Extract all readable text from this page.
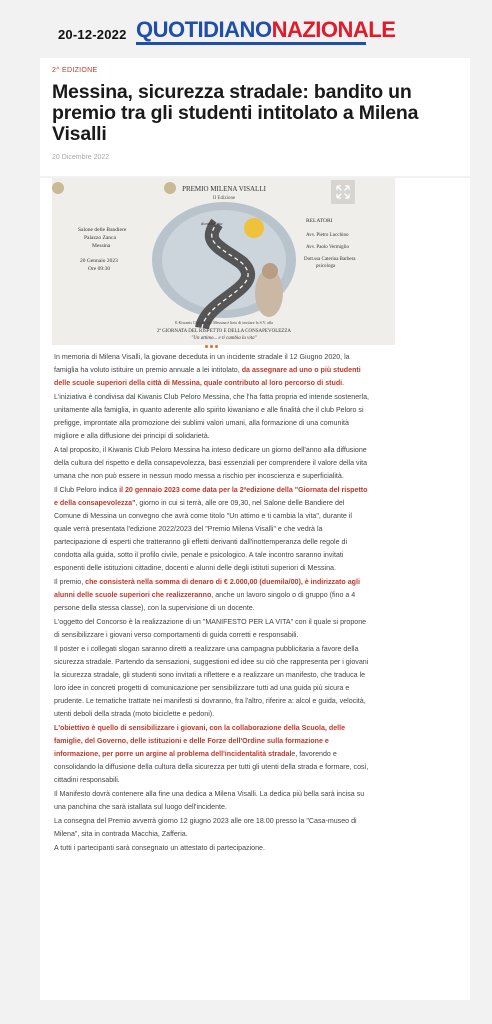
20-12-2022 QUOTIDIANONAZIONALE
2^ EDIZIONE
Messina, sicurezza stradale: bandito un premio tra gli studenti intitolato a Milena Visalli
20 Dicembre 2022
PREMIO MILENA VISALLI
II Edizione
dona la vita
Salone delle Bandiere
Palazzo Zanca
Messina
20 Gennaio 2023
Ore 09:30
RELATORI
Avv. Pietro Lucchino
Avv. Paolo Vermiglio
Dott.ssa Caterina Barbera
psicologa
Il Kiwanis Club Peloro Messina è lieto di invitare la S.V. alla
2ª GIORNATA DEL RISPETTO E DELLA CONSAPEVOLEZZA
"Un attimo... e ti cambia la vita"

In memoria di Milena Visalli, la giovane deceduta in un incidente stradale il 12 Giugno 2020, la famiglia ha voluto istituire un premio annuale a lei intitolato, da assegnare ad uno o più studenti delle scuole superiori della città di Messina, quale contributo al loro percorso di studi.

L'iniziativa è condivisa dal Kiwanis Club Peloro Messina, che l'ha fatta propria ed intende sostenerla, unitamente alla famiglia, in quanto aderente allo spirito kiwaniano e alle finalità che il club Peloro si prefigge, improntate alla promozione dei sublimi valori umani, alla formazione di una comunità migliore e alla diffusione dei principi di solidarietà.

A tal proposito, il Kiwanis Club Peloro Messina ha inteso dedicare un giorno dell'anno alla diffusione della cultura del rispetto e della consapevolezza, basi essenziali per comprendere il valore della vita umana che non può essere in nessun modo messa a rischio per incoscienza e superficialità.

Il Club Peloro indica il 20 gennaio 2023 come data per la 2ªedizione della "Giornata del rispetto e della consapevolezza", giorno in cui si terrà, alle ore 09,30, nel Salone delle Bandiere del Comune di Messina un convegno che avrà come titolo "Un attimo e ti cambia la vita", durante il quale verrà presentata l'edizione 2022/2023 del "Premio Milena Visalli" e che vedrà la partecipazione di esperti che tratteranno gli effetti derivanti dall'inottemperanza delle regole di condotta alla guida, sotto il profilo civile, penale e psicologico. A tale incontro saranno invitati esponenti delle istituzioni cittadine, docenti e alunni delle degli istituti superiori di Messina.

Il premio, che consisterà nella somma di denaro di € 2.000,00 (duemila/00), è indirizzato agli alunni delle scuole superiori che realizzeranno, anche un lavoro singolo o di gruppo (fino a 4 persone della stessa classe), con la supervisione di un docente.

L'oggetto del Concorso è la realizzazione di un "MANIFESTO PER LA VITA" con il quale si propone di sensibilizzare i giovani verso comportamenti di guida corretti e responsabili.

Il poster e i collegati slogan saranno diretti a realizzare una campagna pubblicitaria a favore della sicurezza stradale. Partendo da sensazioni, suggestioni ed idee su ciò che rappresenta per i giovani la sicurezza stradale, gli studenti sono invitati a riflettere e a realizzare un manifesto, che traduca le loro idee in concreti progetti di comunicazione per sensibilizzare tutti ad una guida più sicura e prudente. Le tematiche trattate nei manifesti si dovranno, fra l'altro, riferire a: alcol e guida, velocità, utenti deboli della strada (moto biciclette e pedoni).

L'obiettivo è quello di sensibilizzare i giovani, con la collaborazione della Scuola, delle famiglie, del Governo, delle istituzioni e delle Forze dell'Ordine sulla formazione e informazione, per porre un argine al problema dell'incidentalità stradale, favorendo e consolidando la diffusione della cultura della sicurezza per tutti gli utenti della strada e formare, così, cittadini responsabili.

Il Manifesto dovrà contenere alla fine una dedica a Milena Visalli. La dedica più bella sarà incisa su una panchina che sarà istallata sul luogo dell'incidente.

La consegna del Premio avverrà giorno 12 giugno 2023 alle ore 18.00 presso la "Casa-museo di Milena", sita in contrada Macchia, Zafferia.

A tutti i partecipanti sarà consegnato un attestato di partecipazione.
